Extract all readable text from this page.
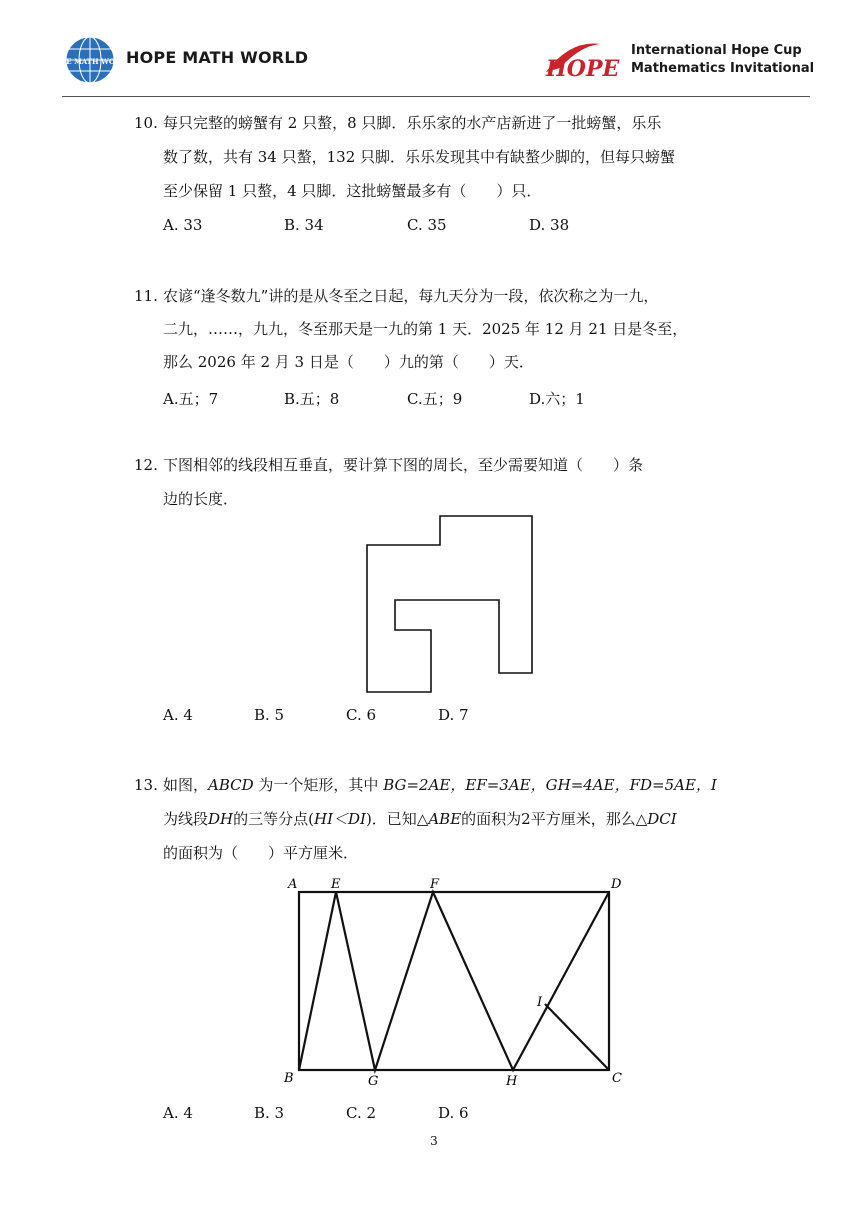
HOPE MATH WORLD
HOPE MATH WORLD	HOPE
International Hope Cup
Mathematics Invitational
10. 每只完整的螃蟹有 2 只螯，8 只脚．乐乐家的水产店新进了一批螃蟹，乐乐
数了数，共有 34 只螯，132 只脚．乐乐发现其中有缺螯少脚的，但每只螃蟹
至少保留 1 只螯，4 只脚．这批螃蟹最多有（　　）只．
A. 33	B. 34	C. 35	D. 38
11. 农谚“逢冬数九”讲的是从冬至之日起，每九天分为一段，依次称之为一九，
二九，……，九九，冬至那天是一九的第 1 天．2025 年 12 月 21 日是冬至，
那么 2026 年 2 月 3 日是（　　）九的第（　　）天．
A.五；7	B.五；8	C.五；9	D.六；1
12. 下图相邻的线段相互垂直，要计算下图的周长，至少需要知道（　　）条
边的长度．
A. 4	B. 5	C. 6	D. 7
13. 如图，ABCD 为一个矩形，其中 BG=2AE，EF=3AE，GH=4AE，FD=5AE，I
为线段DH的三等分点(HI＜DI)．已知△ABE的面积为2平方厘米，那么△DCI
的面积为（　　）平方厘米．
A	E	F	D
I
B	G	H	C
A. 4	B. 3	C. 2	D. 6
3
